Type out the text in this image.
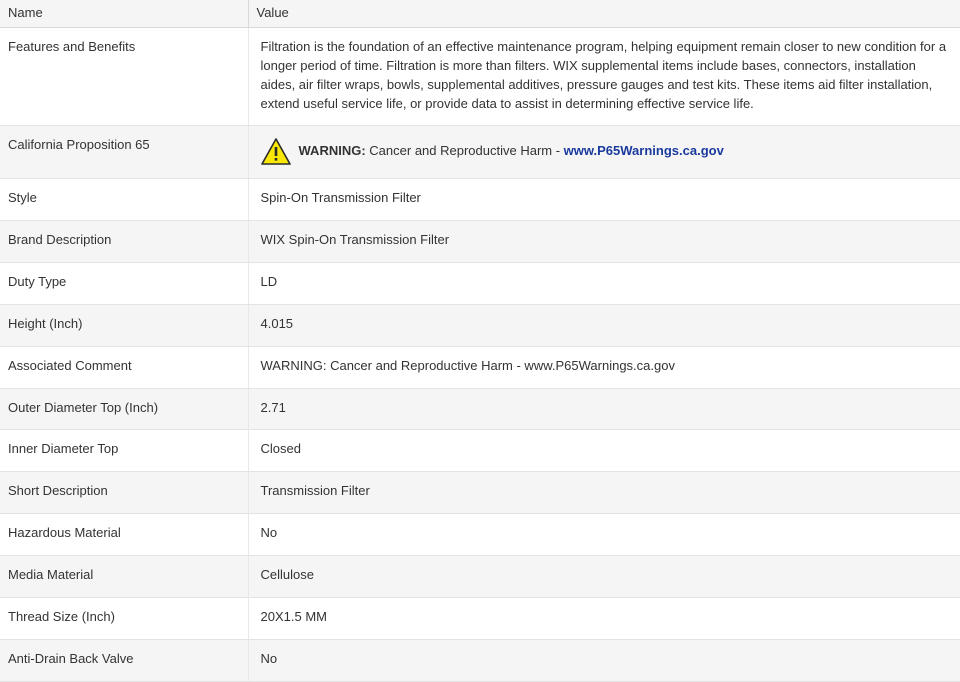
Name	Value
Features and Benefits	Filtration is the foundation of an effective maintenance program, helping equipment remain closer to new condition for a longer period of time. Filtration is more than filters. WIX supplemental items include bases, connectors, installation aides, air filter wraps, bowls, supplemental additives, pressure gauges and test kits. These items aid filter installation, extend useful service life, or provide data to assist in determining effective service life.

California Proposition 65	WARNING: Cancer and Reproductive Harm - www.P65Warnings.ca.gov

Style	Spin-On Transmission Filter
Brand Description	WIX Spin-On Transmission Filter
Duty Type	LD
Height (Inch)	4.015
Associated Comment	WARNING: Cancer and Reproductive Harm - www.P65Warnings.ca.gov
Outer Diameter Top (Inch)	2.71
Inner Diameter Top	Closed
Short Description	Transmission Filter
Hazardous Material	No
Media Material	Cellulose
Thread Size (Inch)	20X1.5 MM
Anti-Drain Back Valve	No
